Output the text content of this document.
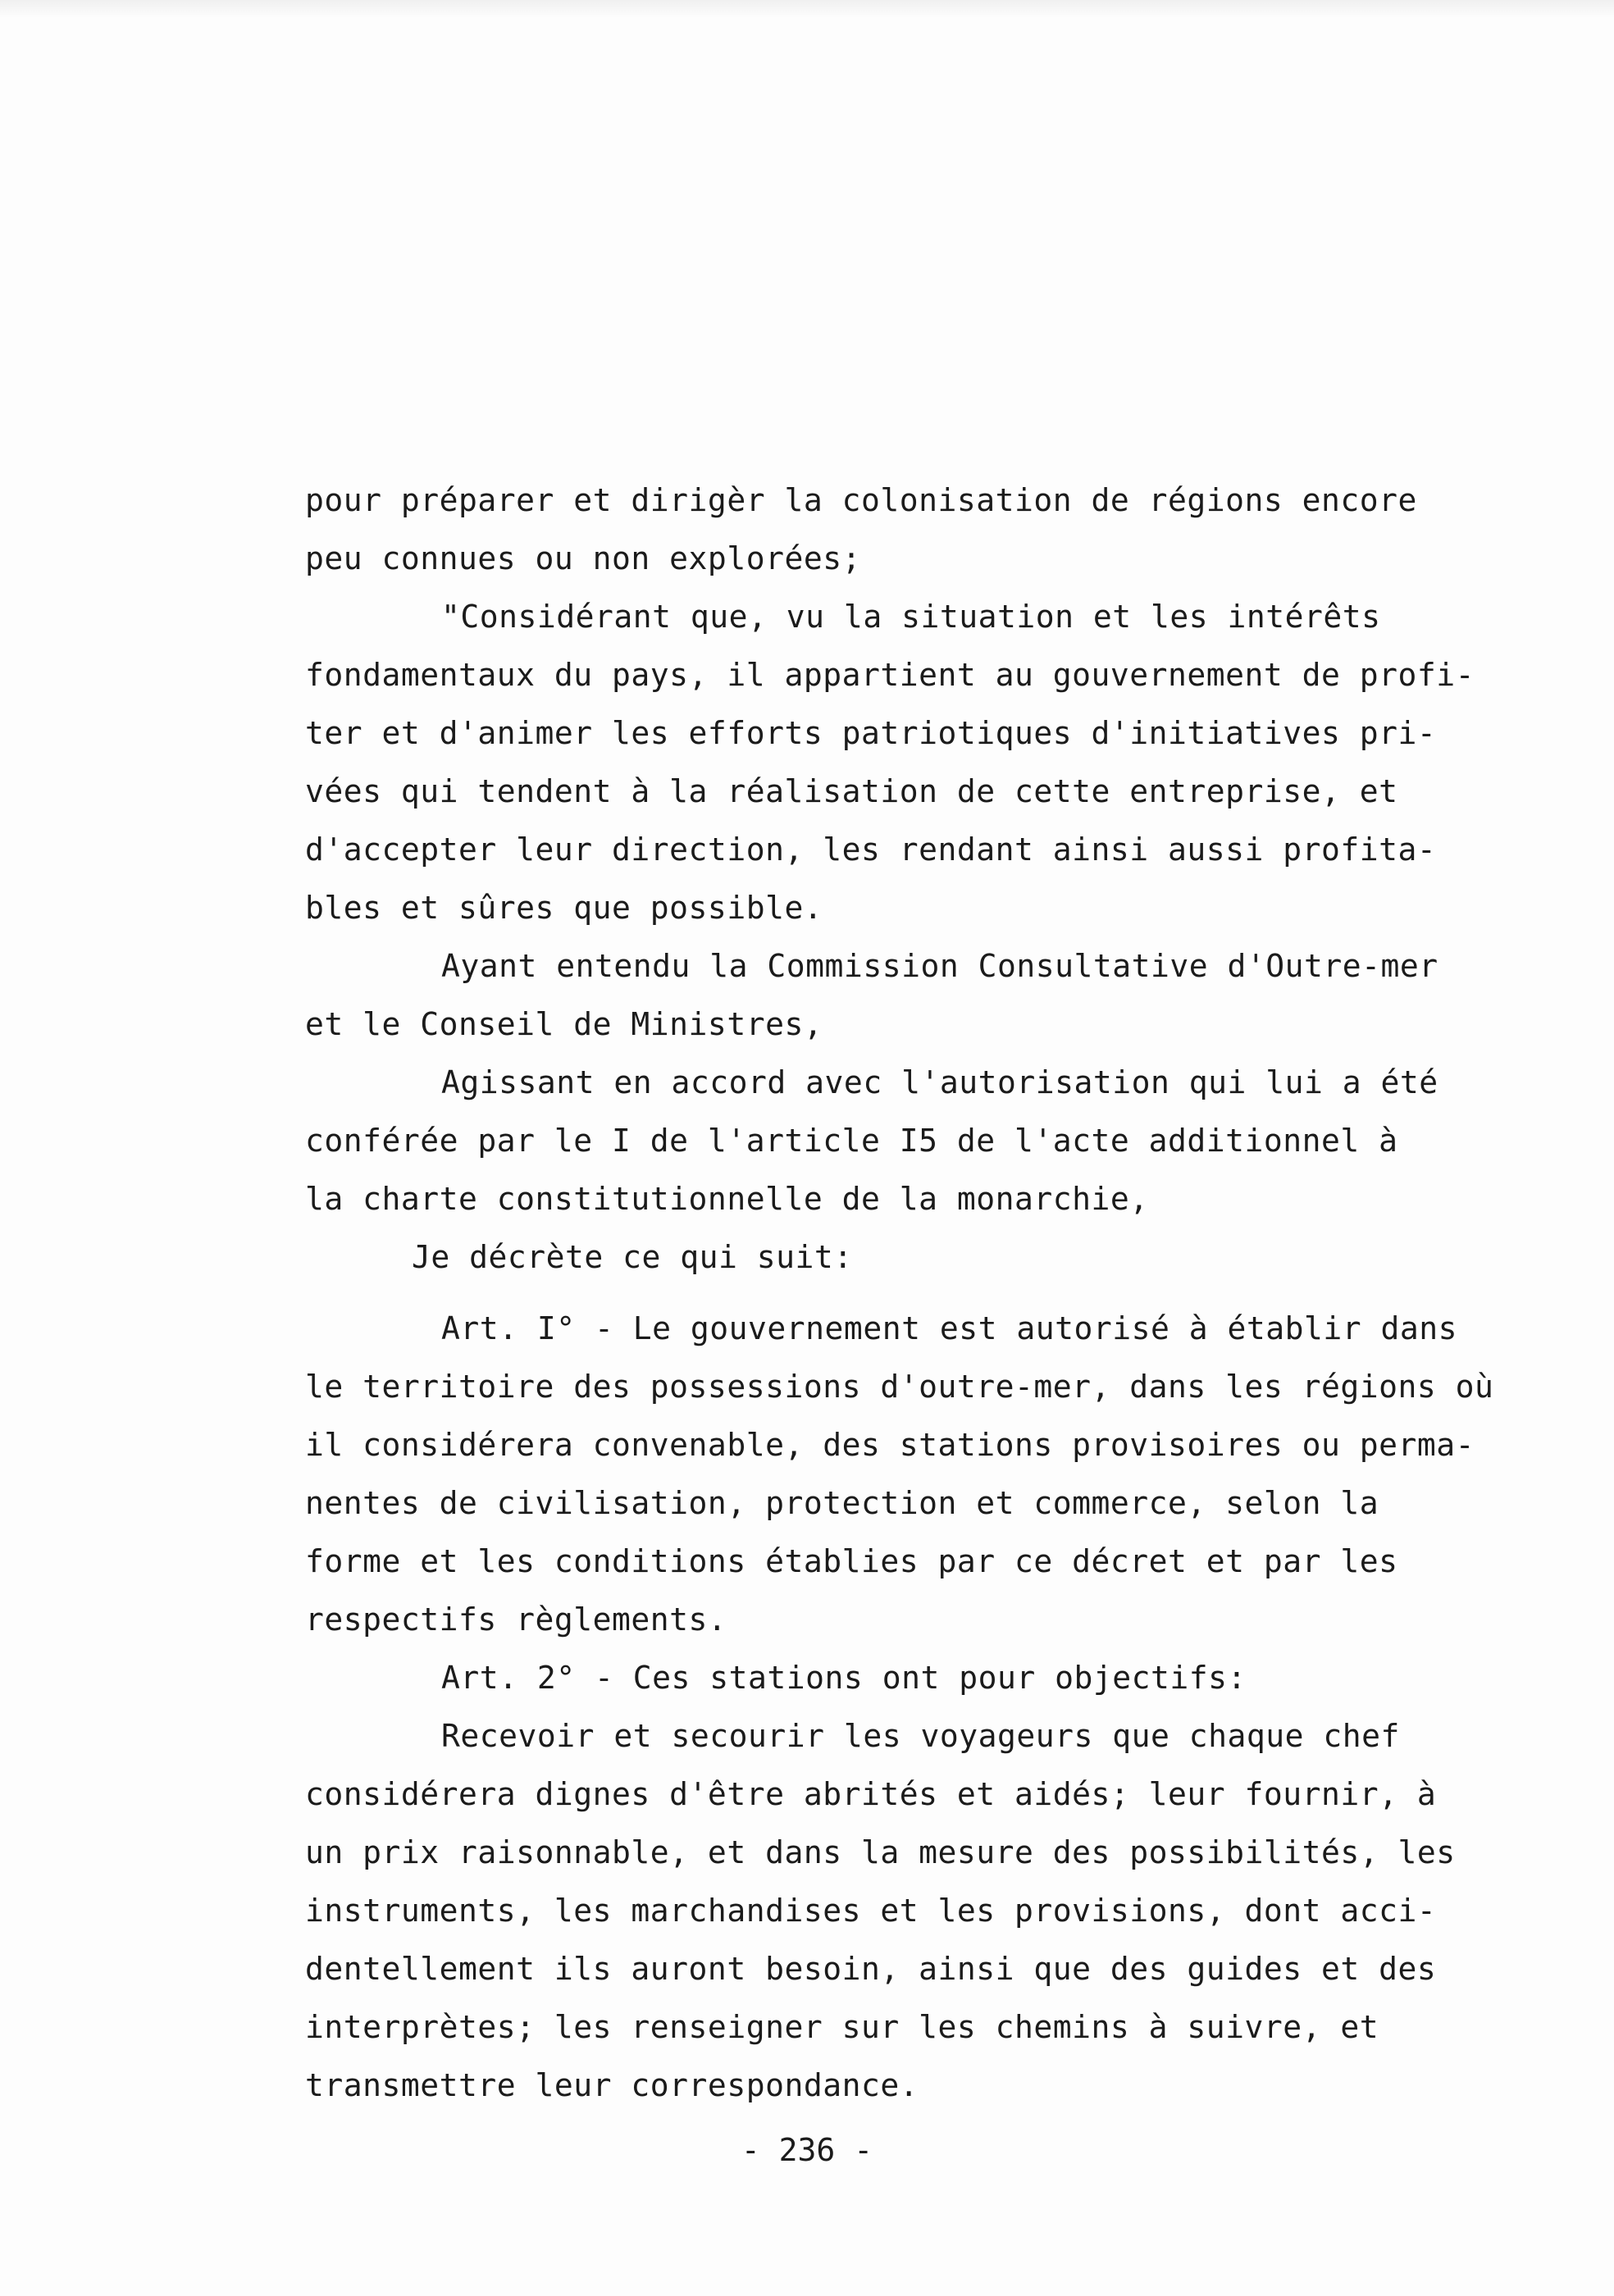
pour préparer et dirigèr la colonisation de régions encore
peu connues ou non explorées;
"Considérant que, vu la situation et les intérêts
fondamentaux du pays, il appartient au gouvernement de profi-
ter et d'animer les efforts patriotiques d'initiatives pri-
vées qui tendent à la réalisation de cette entreprise, et
d'accepter leur direction, les rendant ainsi aussi profita-
bles et sûres que possible.
Ayant entendu la Commission Consultative d'Outre-mer
et le Conseil de Ministres,
Agissant en accord avec l'autorisation qui lui a été
conférée par le I de l'article I5 de l'acte additionnel à
la charte constitutionnelle de la monarchie,
Je décrète ce qui suit:
Art. I° - Le gouvernement est autorisé à établir dans
le territoire des possessions d'outre-mer, dans les régions où
il considérera convenable, des stations provisoires ou perma-
nentes de civilisation, protection et commerce, selon la
forme et les conditions établies par ce décret et par les
respectifs règlements.
Art. 2° - Ces stations ont pour objectifs:
Recevoir et secourir les voyageurs que chaque chef
considérera dignes d'être abrités et aidés; leur fournir, à
un prix raisonnable, et dans la mesure des possibilités, les
instruments, les marchandises et les provisions, dont acci-
dentellement ils auront besoin, ainsi que des guides et des
interprètes; les renseigner sur les chemins à suivre, et
transmettre leur correspondance.
- 236 -
